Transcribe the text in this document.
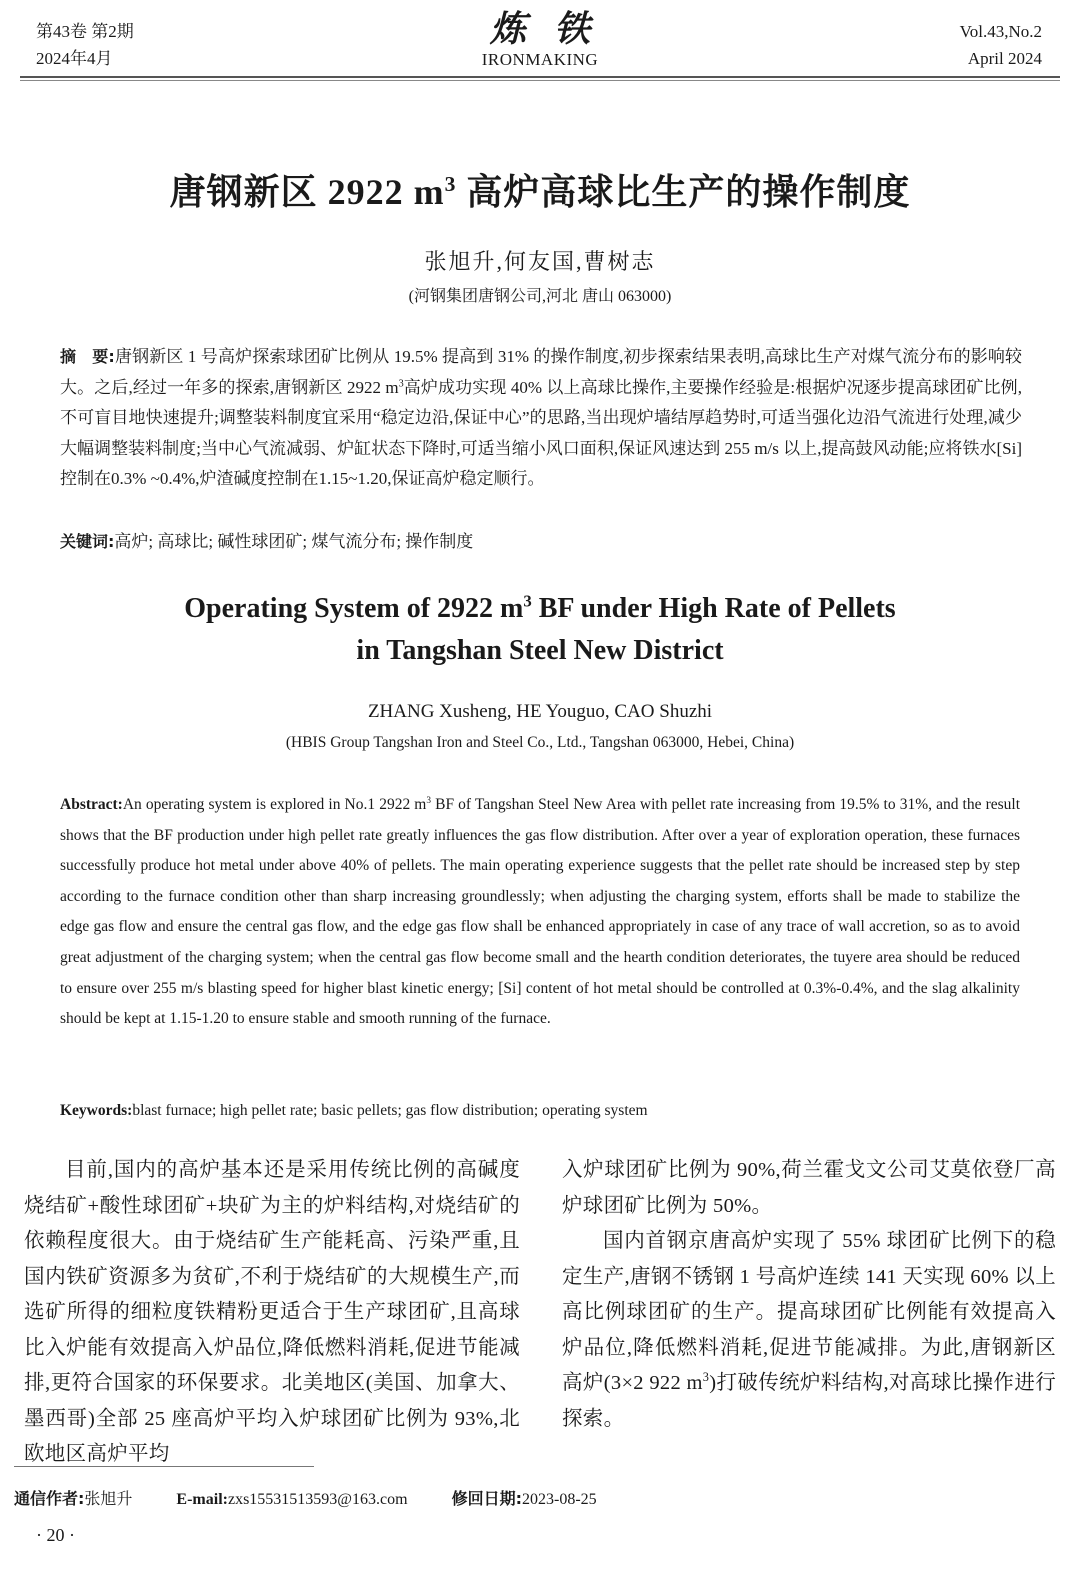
第43卷 第2期
2024年4月
炼铁
IRONMAKING
Vol.43,No.2
April 2024
唐钢新区 2922 $m^3$ 高炉高球比生产的操作制度
张旭升,何友国,曹树志
(河钢集团唐钢公司,河北 唐山 063000)
摘　要:唐钢新区 1 号高炉探索球团矿比例从 19.5% 提高到 31% 的操作制度,初步探索结果表明,高球比生产对煤气流分布的影响较大。之后,经过一年多的探索,唐钢新区 2922 $m^3$高炉成功实现 40% 以上高球比操作,主要操作经验是:根据炉况逐步提高球团矿比例,不可盲目地快速提升;调整装料制度宜采用“稳定边沿,保证中心”的思路,当出现炉墙结厚趋势时,可适当强化边沿气流进行处理,减少大幅调整装料制度;当中心气流减弱、炉缸状态下降时,可适当缩小风口面积,保证风速达到 255 m/s 以上,提高鼓风动能;应将铁水[Si]控制在0.3% ~0.4%,炉渣碱度控制在1.15~1.20,保证高炉稳定顺行。
关键词:高炉; 高球比; 碱性球团矿; 煤气流分布; 操作制度
Operating System of 2922 $m^3$ BF under High Rate of Pellets
in Tangshan Steel New District
ZHANG Xusheng, HE Youguo, CAO Shuzhi
(HBIS Group Tangshan Iron and Steel Co., Ltd., Tangshan 063000, Hebei, China)
Abstract:An operating system is explored in No.1 2922 $m^3$ BF of Tangshan Steel New Area with pellet rate increasing from 19.5% to 31%, and the result shows that the BF production under high pellet rate greatly influences the gas flow distribution. After over a year of exploration operation, these furnaces successfully produce hot metal under above 40% of pellets. The main operating experience suggests that the pellet rate should be increased step by step according to the furnace condition other than sharp increasing groundlessly; when adjusting the charging system, efforts shall be made to stabilize the edge gas flow and ensure the central gas flow, and the edge gas flow shall be enhanced appropriately in case of any trace of wall accretion, so as to avoid great adjustment of the charging system; when the central gas flow become small and the hearth condition deteriorates, the tuyere area should be reduced to ensure over 255 m/s blasting speed for higher blast kinetic energy; [Si] content of hot metal should be controlled at 0.3%-0.4%, and the slag alkalinity should be kept at 1.15-1.20 to ensure stable and smooth running of the furnace.
Keywords:blast furnace; high pellet rate; basic pellets; gas flow distribution; operating system

目前,国内的高炉基本还是采用传统比例的高碱度烧结矿+酸性球团矿+块矿为主的炉料结构,对烧结矿的依赖程度很大。由于烧结矿生产能耗高、污染严重,且国内铁矿资源多为贫矿,不利于烧结矿的大规模生产,而选矿所得的细粒度铁精粉更适合于生产球团矿,且高球比入炉能有效提高入炉品位,降低燃料消耗,促进节能减排,更符合国家的环保要求。北美地区(美国、加拿大、墨西哥)全部 25 座高炉平均入炉球团矿比例为 93%,北欧地区高炉平均

入炉球团矿比例为 90%,荷兰霍戈文公司艾莫依登厂高炉球团矿比例为 50%。

国内首钢京唐高炉实现了 55% 球团矿比例下的稳定生产,唐钢不锈钢 1 号高炉连续 141 天实现 60% 以上高比例球团矿的生产。提高球团矿比例能有效提高入炉品位,降低燃料消耗,促进节能减排。为此,唐钢新区高炉(3×2 922 $m^3$)打破传统炉料结构,对高球比操作进行探索。

通信作者:张旭升	E-mail:zxs15531513593@163.com	修回日期:2023-08-25
· 20 ·
